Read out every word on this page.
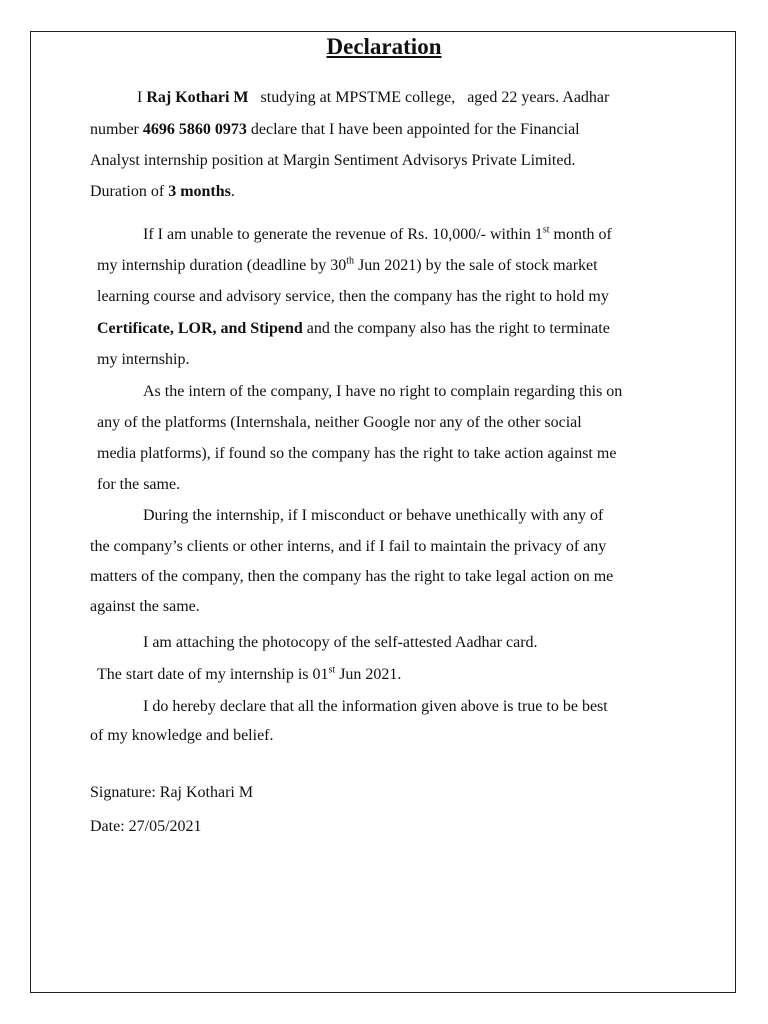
Declaration
I Raj Kothari M studying at MPSTME college, aged 22 years. Aadhar
number 4696 5860 0973 declare that I have been appointed for the Financial
Analyst internship position at Margin Sentiment Advisorys Private Limited.
Duration of 3 months.
If I am unable to generate the revenue of Rs. 10,000/- within 1st month of
my internship duration (deadline by 30th Jun 2021) by the sale of stock market
learning course and advisory service, then the company has the right to hold my
Certificate, LOR, and Stipend and the company also has the right to terminate
my internship.
As the intern of the company, I have no right to complain regarding this on
any of the platforms (Internshala, neither Google nor any of the other social
media platforms), if found so the company has the right to take action against me
for the same.
During the internship, if I misconduct or behave unethically with any of
the company’s clients or other interns, and if I fail to maintain the privacy of any
matters of the company, then the company has the right to take legal action on me
against the same.
I am attaching the photocopy of the self-attested Aadhar card.
The start date of my internship is 01st Jun 2021.
I do hereby declare that all the information given above is true to be best
of my knowledge and belief.
Signature: Raj Kothari M
Date: 27/05/2021
